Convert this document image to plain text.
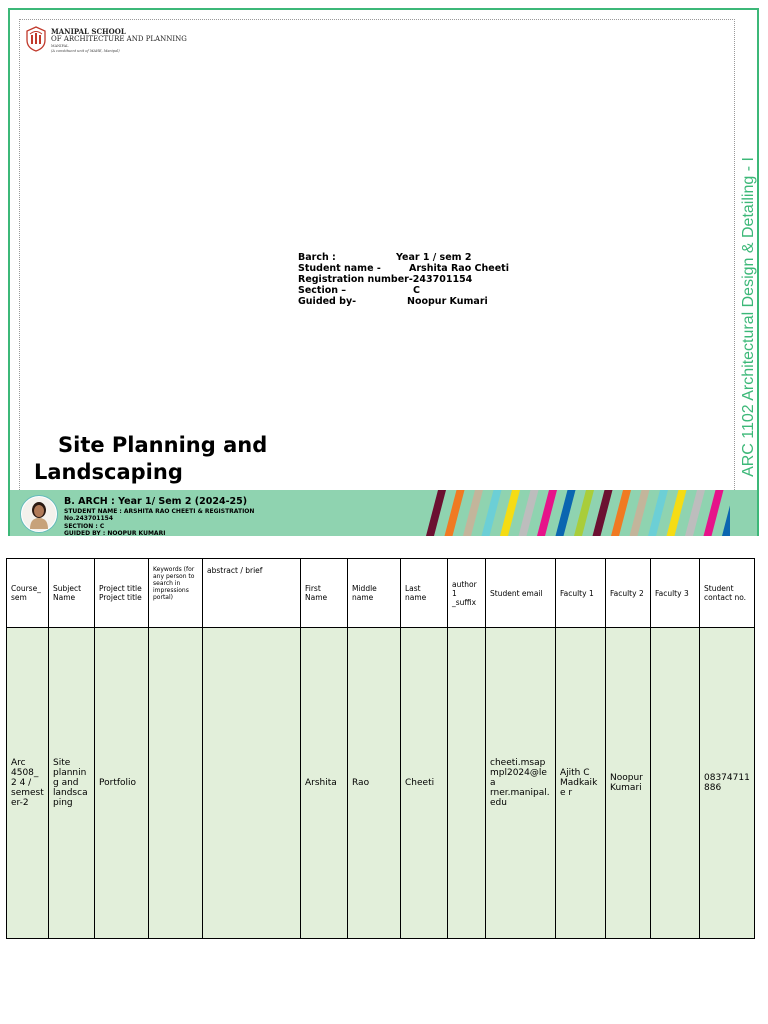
MANIPAL SCHOOL
OF ARCHITECTURE AND PLANNING
MANIPAL
(A constituent unit of MAHE, Manipal)
Barch :	Year 1 / sem 2
Student name -	Arshita Rao Cheeti
Registration number-243701154
Section –	C
Guided by-	Noopur Kumari
Site Planning and
Landscaping	ARC 1102 Architectural Design & Detailing - I
B. ARCH : Year 1/ Sem 2 (2024-25)
STUDENT NAME : ARSHITA RAO CHEETI & REGISTRATION
No.243701154
SECTION : C
GUIDED BY : NOOPUR KUMARI
Course_ sem	Subject Name	Project title Project title	Keywords (for any person to search in impressions portal)	abstract / brief	First Name	Middle name	Last name	author1 _suffix	Student email	Faculty 1	Faculty 2	Faculty 3	Student contact no.
Arc 4508_2 4 / semest er-2	Site planning and landsca ping	Portfolio			Arshita	Rao	Cheeti		cheeti.msap mpl2024@lea rner.manipal. edu	Ajith C Madkaike r	Noopur Kumari		08374711 886
